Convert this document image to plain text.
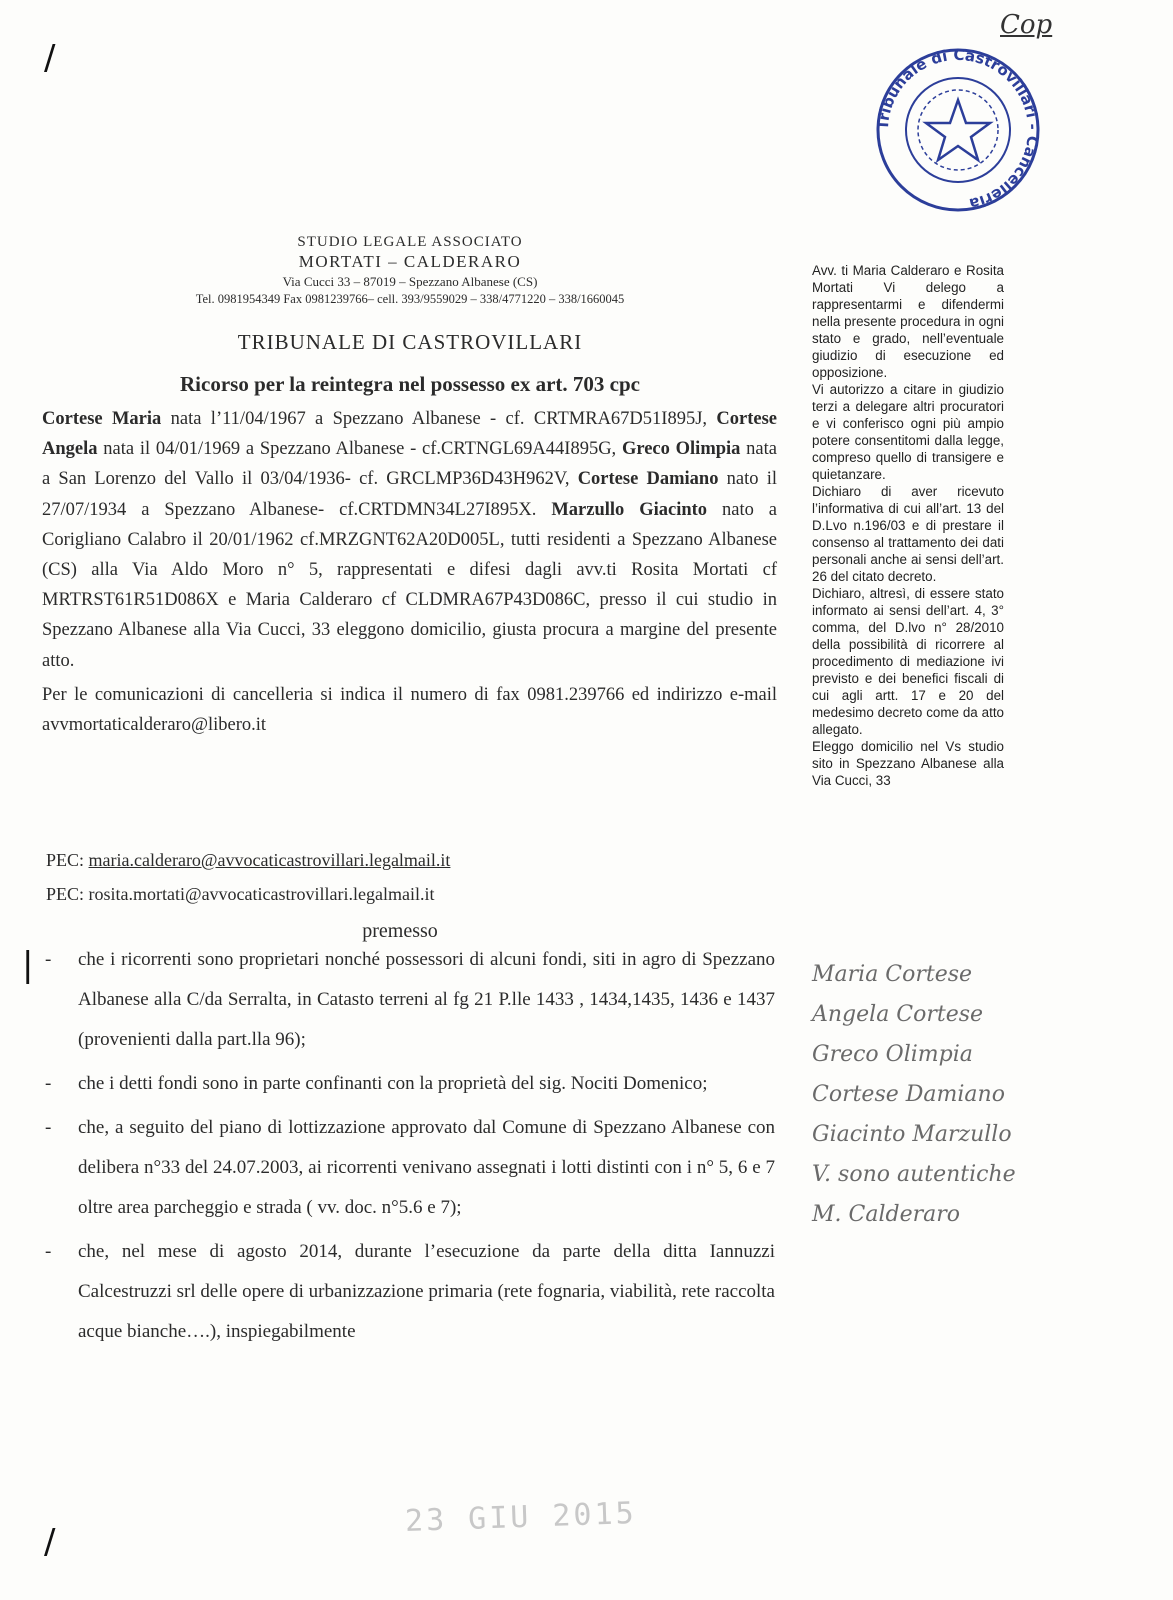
/
|
/
Cop
Tribunale di Castrovillari - Cancelleria
STUDIO LEGALE ASSOCIATO
MORTATI – CALDERARO
Via Cucci 33 – 87019 – Spezzano Albanese (CS)
Tel. 0981954349 Fax 0981239766– cell. 393/9559029 – 338/4771220 – 338/1660045
TRIBUNALE DI CASTROVILLARI
Ricorso per la reintegra nel possesso ex art. 703 cpc

Cortese Maria nata l’11/04/1967 a Spezzano Albanese - cf. CRTMRA67D51I895J, Cortese Angela nata il 04/01/1969 a Spezzano Albanese - cf.CRTNGL69A44I895G, Greco Olimpia nata a San Lorenzo del Vallo il 03/04/1936- cf. GRCLMP36D43H962V, Cortese Damiano nato il 27/07/1934 a Spezzano Albanese- cf.CRTDMN34L27I895X. Marzullo Giacinto nato a Corigliano Calabro il 20/01/1962 cf.MRZGNT62A20D005L, tutti residenti a Spezzano Albanese (CS) alla Via Aldo Moro n° 5, rappresentati e difesi dagli avv.ti Rosita Mortati cf MRTRST61R51D086X e Maria Calderaro cf CLDMRA67P43D086C, presso il cui studio in Spezzano Albanese alla Via Cucci, 33 eleggono domicilio, giusta procura a margine del presente atto.

Per le comunicazioni di cancelleria si indica il numero di fax 0981.239766 ed indirizzo e-mail avvmortaticalderaro@libero.it

PEC: maria.calderaro@avvocaticastrovillari.legalmail.it
PEC: rosita.mortati@avvocaticastrovillari.legalmail.it
premesso
- che i ricorrenti sono proprietari nonché possessori di alcuni fondi, siti in agro di Spezzano Albanese alla C/da Serralta, in Catasto terreni al fg 21 P.lle 1433 , 1434,1435, 1436 e 1437 (provenienti dalla part.lla 96);
- che i detti fondi sono in parte confinanti con la proprietà del sig. Nociti Domenico;
- che, a seguito del piano di lottizzazione approvato dal Comune di Spezzano Albanese con delibera n°33 del 24.07.2003, ai ricorrenti venivano assegnati i lotti distinti con i n° 5, 6 e 7 oltre area parcheggio e strada ( vv. doc. n°5.6 e 7);
- che, nel mese di agosto 2014, durante l’esecuzione da parte della ditta Iannuzzi Calcestruzzi srl delle opere di urbanizzazione primaria (rete fognaria, viabilità, rete raccolta acque bianche….), inspiegabilmente

Avv. ti Maria Calderaro e Rosita Mortati Vi delego a rappresentarmi e difendermi nella presente procedura in ogni stato e grado, nell’eventuale giudizio di esecuzione ed opposizione.

Vi autorizzo a citare in giudizio terzi a delegare altri procuratori e vi conferisco ogni più ampio potere consentitomi dalla legge, compreso quello di transigere e quietanzare.

Dichiaro di aver ricevuto l’informativa di cui all’art. 13 del D.Lvo n.196/03 e di prestare il consenso al trattamento dei dati personali anche ai sensi dell’art. 26 del citato decreto.

Dichiaro, altresì, di essere stato informato ai sensi dell’art. 4, 3° comma, del D.lvo n° 28/2010 della possibilità di ricorrere al procedimento di mediazione ivi previsto e dei benefici fiscali di cui agli artt. 17 e 20 del medesimo decreto come da atto allegato.

Eleggo domicilio nel Vs studio sito in Spezzano Albanese alla Via Cucci, 33

Maria Cortese
Angela Cortese
Greco Olimpia
Cortese Damiano
Giacinto Marzullo
V. sono autentiche
M. Calderaro
23 GIU 2015
